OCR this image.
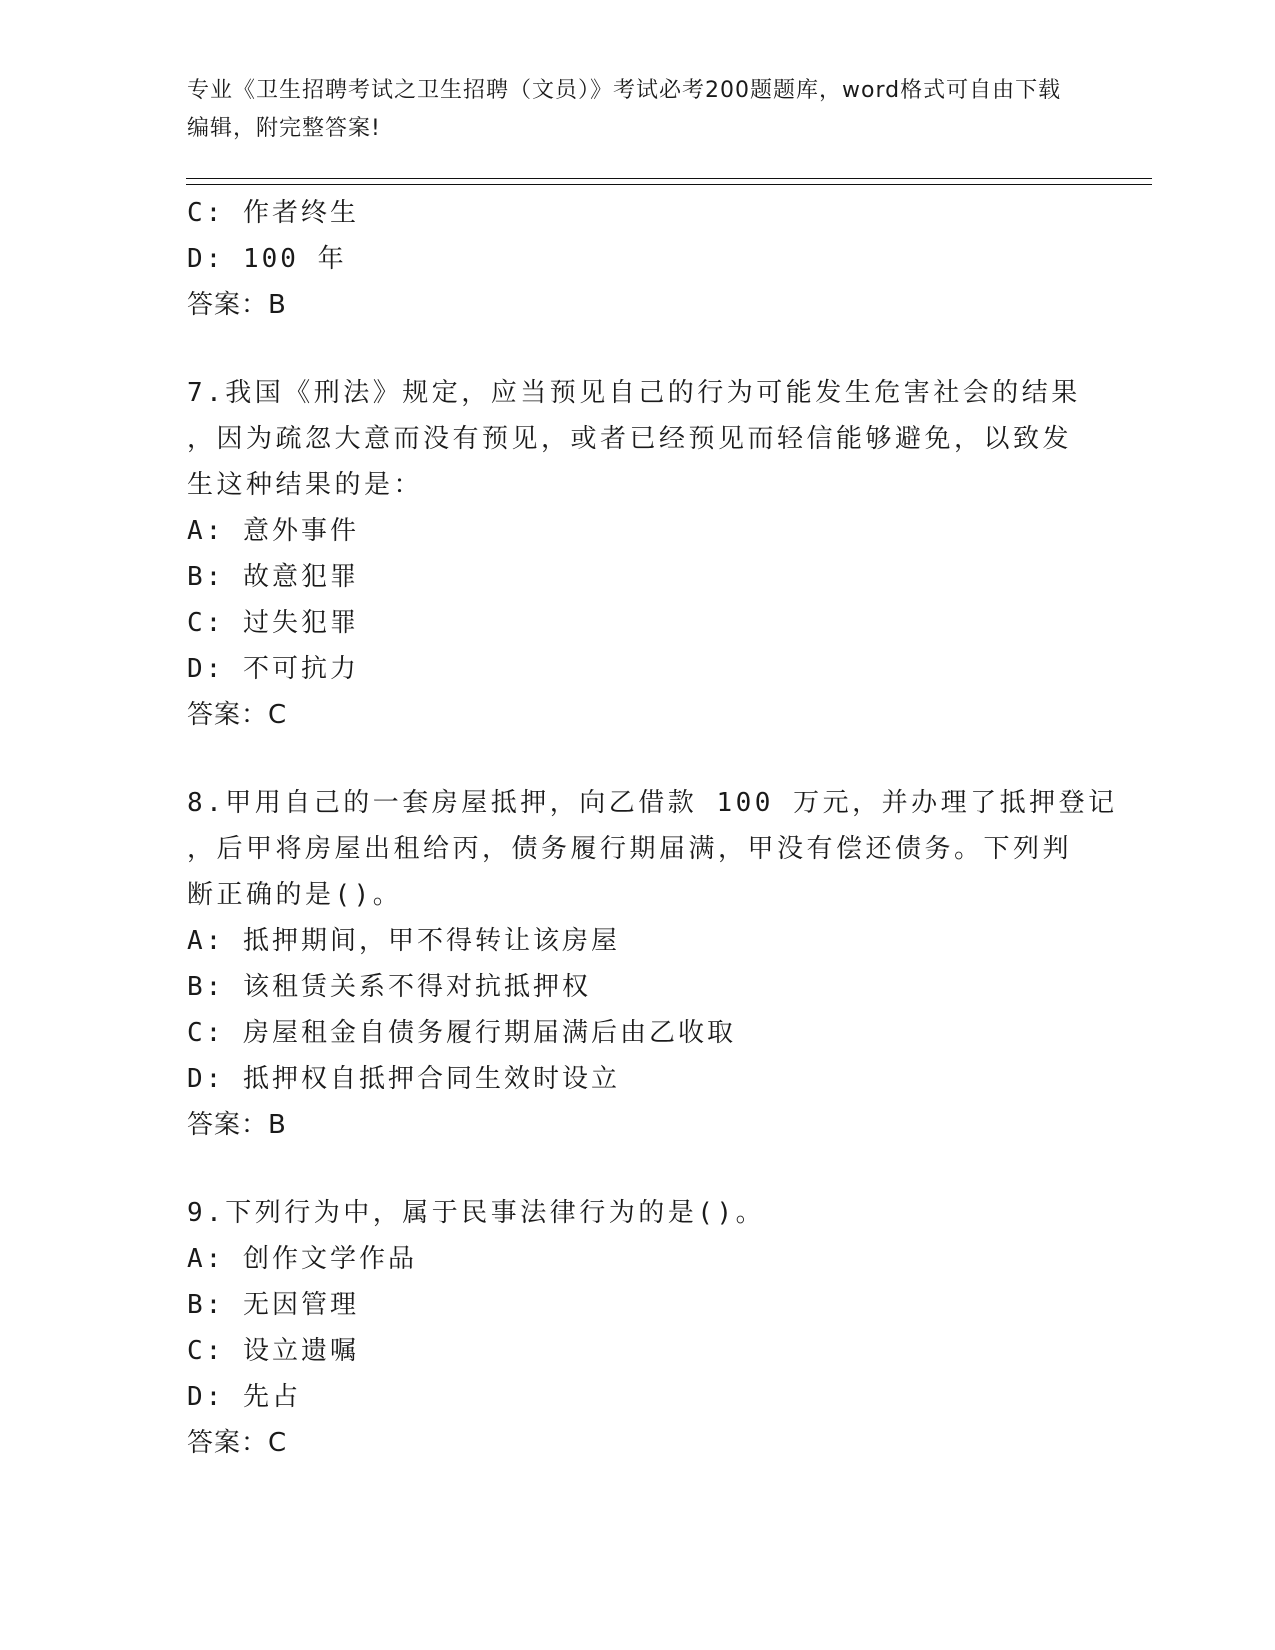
专业《卫生招聘考试之卫生招聘（文员）》考试必考200题题库，word格式可自由下载编辑，附完整答案!
C: 作者终生
D: 100 年
答案：B
7.我国《刑法》规定，应当预见自己的行为可能发生危害社会的结果
，因为疏忽大意而没有预见，或者已经预见而轻信能够避免，以致发
生这种结果的是：
A: 意外事件
B: 故意犯罪
C: 过失犯罪
D: 不可抗力
答案：C
8.甲用自己的一套房屋抵押，向乙借款 100 万元，并办理了抵押登记
，后甲将房屋出租给丙，债务履行期届满，甲没有偿还债务。下列判
断正确的是()。
A: 抵押期间，甲不得转让该房屋
B: 该租赁关系不得对抗抵押权
C: 房屋租金自债务履行期届满后由乙收取
D: 抵押权自抵押合同生效时设立
答案：B
9.下列行为中，属于民事法律行为的是()。
A: 创作文学作品
B: 无因管理
C: 设立遗嘱
D: 先占
答案：C
